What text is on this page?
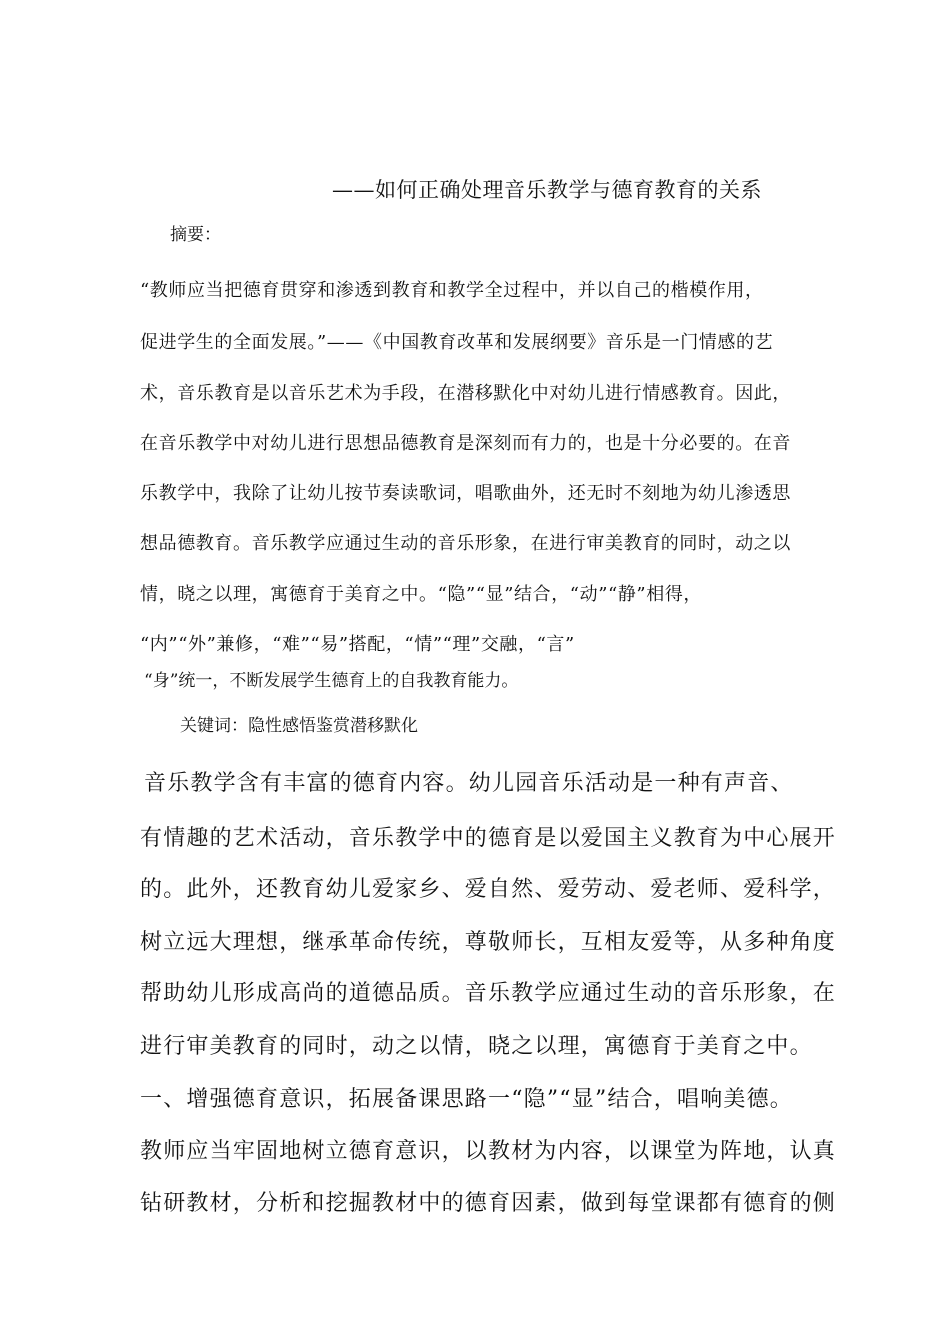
——如何正确处理音乐教学与德育教育的关系

摘要：

“教师应当把德育贯穿和渗透到教育和教学全过程中，并以自己的楷模作用，

促进学生的全面发展。”——《中国教育改革和发展纲要》音乐是一门情感的艺

术，音乐教育是以音乐艺术为手段，在潜移默化中对幼儿进行情感教育。因此，

在音乐教学中对幼儿进行思想品德教育是深刻而有力的，也是十分必要的。在音

乐教学中，我除了让幼儿按节奏读歌词，唱歌曲外，还无时不刻地为幼儿渗透思

想品德教育。音乐教学应通过生动的音乐形象，在进行审美教育的同时，动之以

情，晓之以理，寓德育于美育之中。“隐”“显”结合，“动”“静”相得，

“内”“外”兼修，“难”“易”搭配，“情”“理”交融，“言”

“身”统一，不断发展学生德育上的自我教育能力。

关键词：隐性感悟鉴赏潜移默化

音乐教学含有丰富的德育内容。幼儿园音乐活动是一种有声音、

有情趣的艺术活动，音乐教学中的德育是以爱国主义教育为中心展开

的。此外，还教育幼儿爱家乡、爱自然、爱劳动、爱老师、爱科学，

树立远大理想，继承革命传统，尊敬师长，互相友爱等，从多种角度

帮助幼儿形成高尚的道德品质。音乐教学应通过生动的音乐形象，在

进行审美教育的同时，动之以情，晓之以理，寓德育于美育之中。

一、增强德育意识，拓展备课思路一“隐”“显”结合，唱响美德。

教师应当牢固地树立德育意识，以教材为内容，以课堂为阵地，认真

钻研教材，分析和挖掘教材中的德育因素，做到每堂课都有德育的侧
